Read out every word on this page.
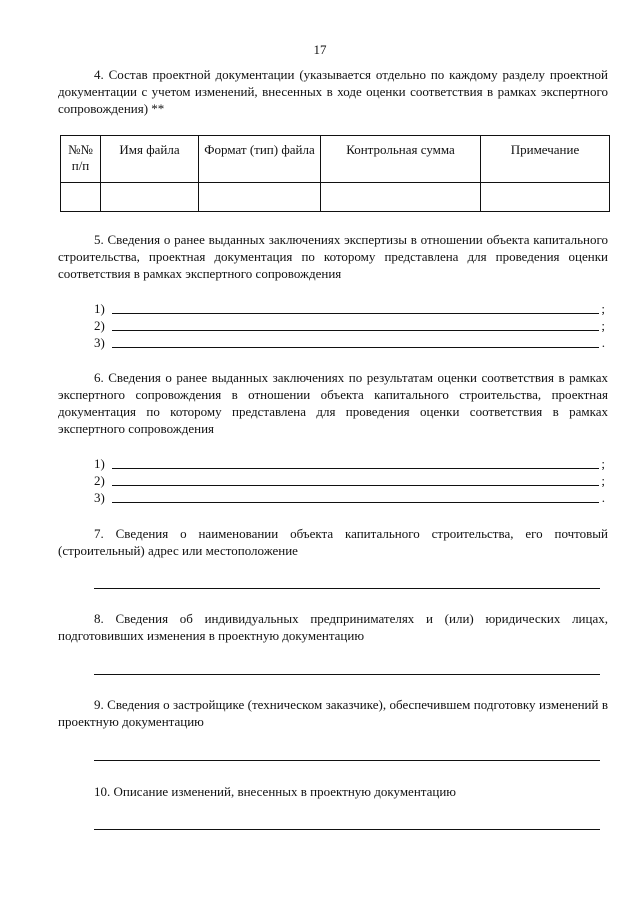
17
4. Состав проектной документации (указывается отдельно по каждому разделу проектной документации с учетом изменений, внесенных в ходе оценки соответствия в рамках экспертного сопровождения) **
№№ п/п	Имя файла	Формат (тип) файла	Контрольная сумма	Примечание

5. Сведения о ранее выданных заключениях экспертизы в отношении объекта капитального строительства, проектная документация по которому представлена для проведения оценки соответствия в рамках экспертного сопровождения
1)	;
2)	;
3)	.
6. Сведения о ранее выданных заключениях по результатам оценки соответствия в рамках экспертного сопровождения в отношении объекта капитального строительства, проектная документация по которому представлена для проведения оценки соответствия в рамках экспертного сопровождения
1)	;
2)	;
3)	.
7. Сведения о наименовании объекта капитального строительства, его почтовый (строительный) адрес или местоположение
8. Сведения об индивидуальных предпринимателях и (или) юридических лицах, подготовивших изменения в проектную документацию
9. Сведения о застройщике (техническом заказчике), обеспечившем подготовку изменений в проектную документацию
10. Описание изменений, внесенных в проектную документацию
